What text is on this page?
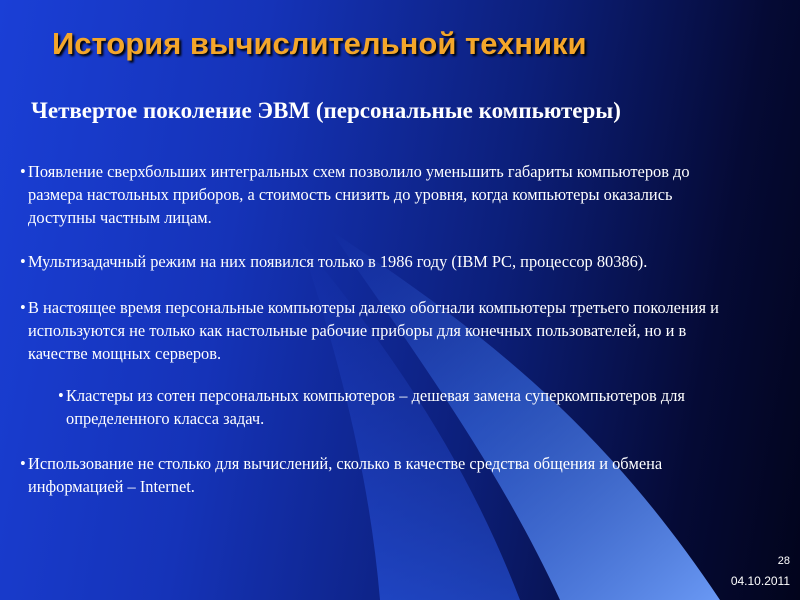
История вычислительной техники
Четвертое поколение ЭВМ (персональные компьютеры)
• Появление сверхбольших интегральных схем позволило уменьшить габариты компьютеров до размера настольных приборов, а стоимость снизить до уровня, когда компьютеры оказались доступны частным лицам.
• Мультизадачный режим на них появился только в 1986 году (IBM PC, процессор 80386).
• В настоящее время персональные компьютеры далеко обогнали компьютеры третьего поколения и используются не только как настольные рабочие приборы для конечных пользователей, но и в качестве мощных серверов.
• Кластеры из сотен персональных компьютеров – дешевая замена суперкомпьютеров для определенного класса задач.
• Использование не столько для вычислений, сколько в качестве средства общения и обмена информацией – Internet.
28
04.10.2011
